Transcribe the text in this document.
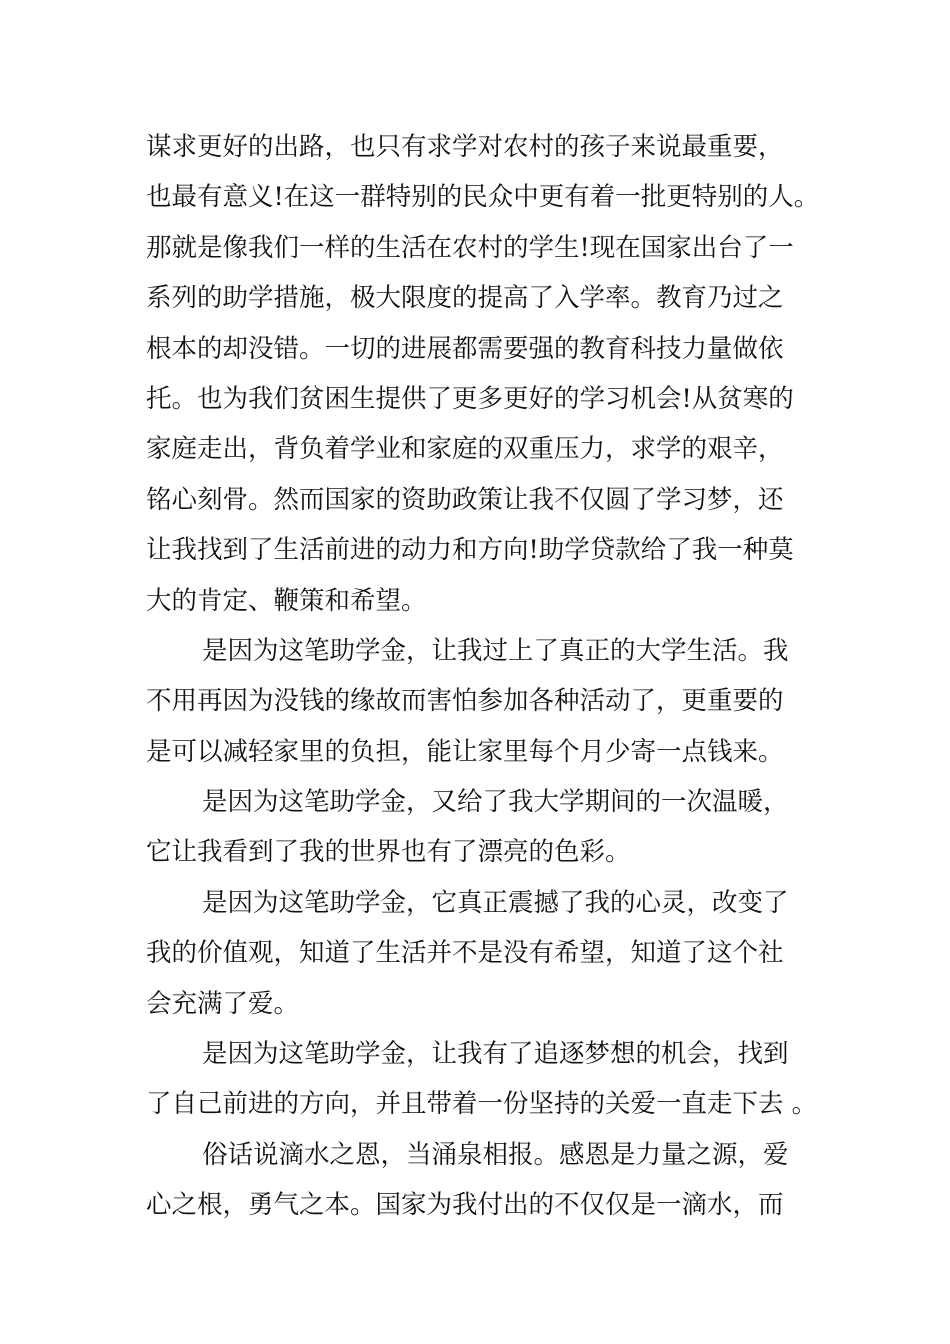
谋求更好的出路，也只有求学对农村的孩子来说最重要，
也最有意义!在这一群特别的民众中更有着一批更特别的人。
那就是像我们一样的生活在农村的学生!现在国家出台了一
系列的助学措施，极大限度的提高了入学率。教育乃过之
根本的却没错。一切的进展都需要强的教育科技力量做依
托。也为我们贫困生提供了更多更好的学习机会!从贫寒的
家庭走出，背负着学业和家庭的双重压力，求学的艰辛，
铭心刻骨。然而国家的资助政策让我不仅圆了学习梦，还
让我找到了生活前进的动力和方向!助学贷款给了我一种莫
大的肯定、鞭策和希望。
是因为这笔助学金，让我过上了真正的大学生活。我
不用再因为没钱的缘故而害怕参加各种活动了，更重要的
是可以减轻家里的负担，能让家里每个月少寄一点钱来。
是因为这笔助学金，又给了我大学期间的一次温暖，
它让我看到了我的世界也有了漂亮的色彩。
是因为这笔助学金，它真正震撼了我的心灵，改变了
我的价值观，知道了生活并不是没有希望，知道了这个社
会充满了爱。
是因为这笔助学金，让我有了追逐梦想的机会，找到
了自己前进的方向，并且带着一份坚持的关爱一直走下去 。
俗话说滴水之恩，当涌泉相报。感恩是力量之源，爱
心之根，勇气之本。国家为我付出的不仅仅是一滴水，而
